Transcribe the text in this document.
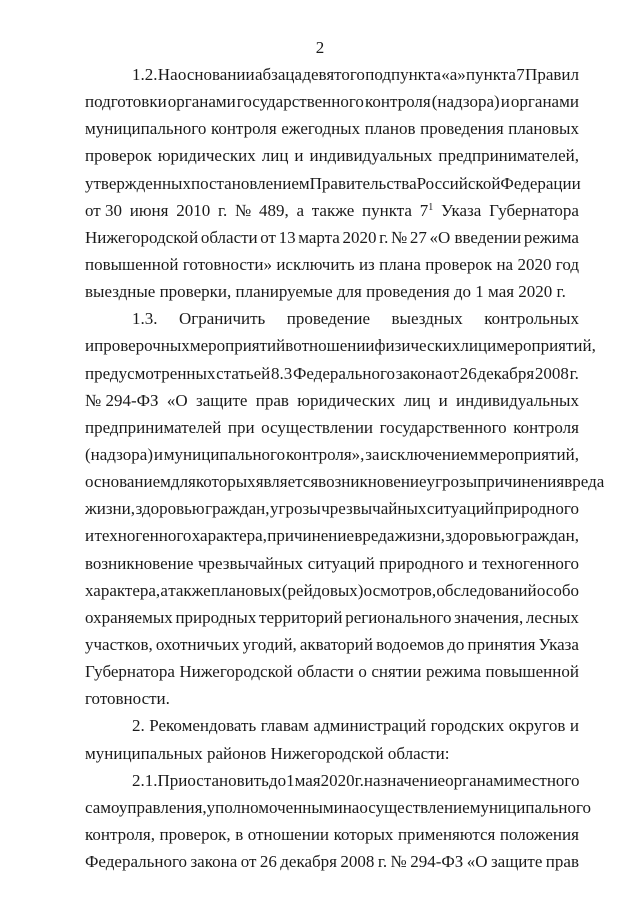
2
1.2. На основании абзаца девятого подпункта «а» пункта 7 Правил
подготовки органами государственного контроля (надзора) и органами
муниципального контроля ежегодных планов проведения плановых
проверок юридических лиц и индивидуальных предпринимателей,
утвержденных постановлением Правительства Российской Федерации
от 30 июня 2010 г. № 489, а также пункта $7^1$ Указа Губернатора
Нижегородской области от 13 марта 2020 г. № 27 «О введении режима
повышенной готовности» исключить из плана проверок на 2020 год
выездные проверки, планируемые для проведения до 1 мая 2020 г.
1.3. Ограничить проведение выездных контрольных
и проверочных мероприятий в отношении физических лиц и мероприятий,
предусмотренных статьей 8.3 Федерального закона от 26 декабря 2008 г.
№ 294-ФЗ «О защите прав юридических лиц и индивидуальных
предпринимателей при осуществлении государственного контроля
(надзора) и муниципального контроля», за исключением мероприятий,
основанием для которых является возникновение угрозы причинения вреда
жизни, здоровью граждан, угрозы чрезвычайных ситуаций природного
и техногенного характера, причинение вреда жизни, здоровью граждан,
возникновение чрезвычайных ситуаций природного и техногенного
характера, а также плановых (рейдовых) осмотров, обследований особо
охраняемых природных территорий регионального значения, лесных
участков, охотничьих угодий, акваторий водоемов до принятия Указа
Губернатора Нижегородской области о снятии режима повышенной
готовности.
2. Рекомендовать главам администраций городских округов и
муниципальных районов Нижегородской области:
2.1. Приостановить до 1 мая 2020 г. назначение органами местного
самоуправления, уполномоченными на осуществление муниципального
контроля, проверок, в отношении которых применяются положения
Федерального закона от 26 декабря 2008 г. № 294-ФЗ «О защите прав
